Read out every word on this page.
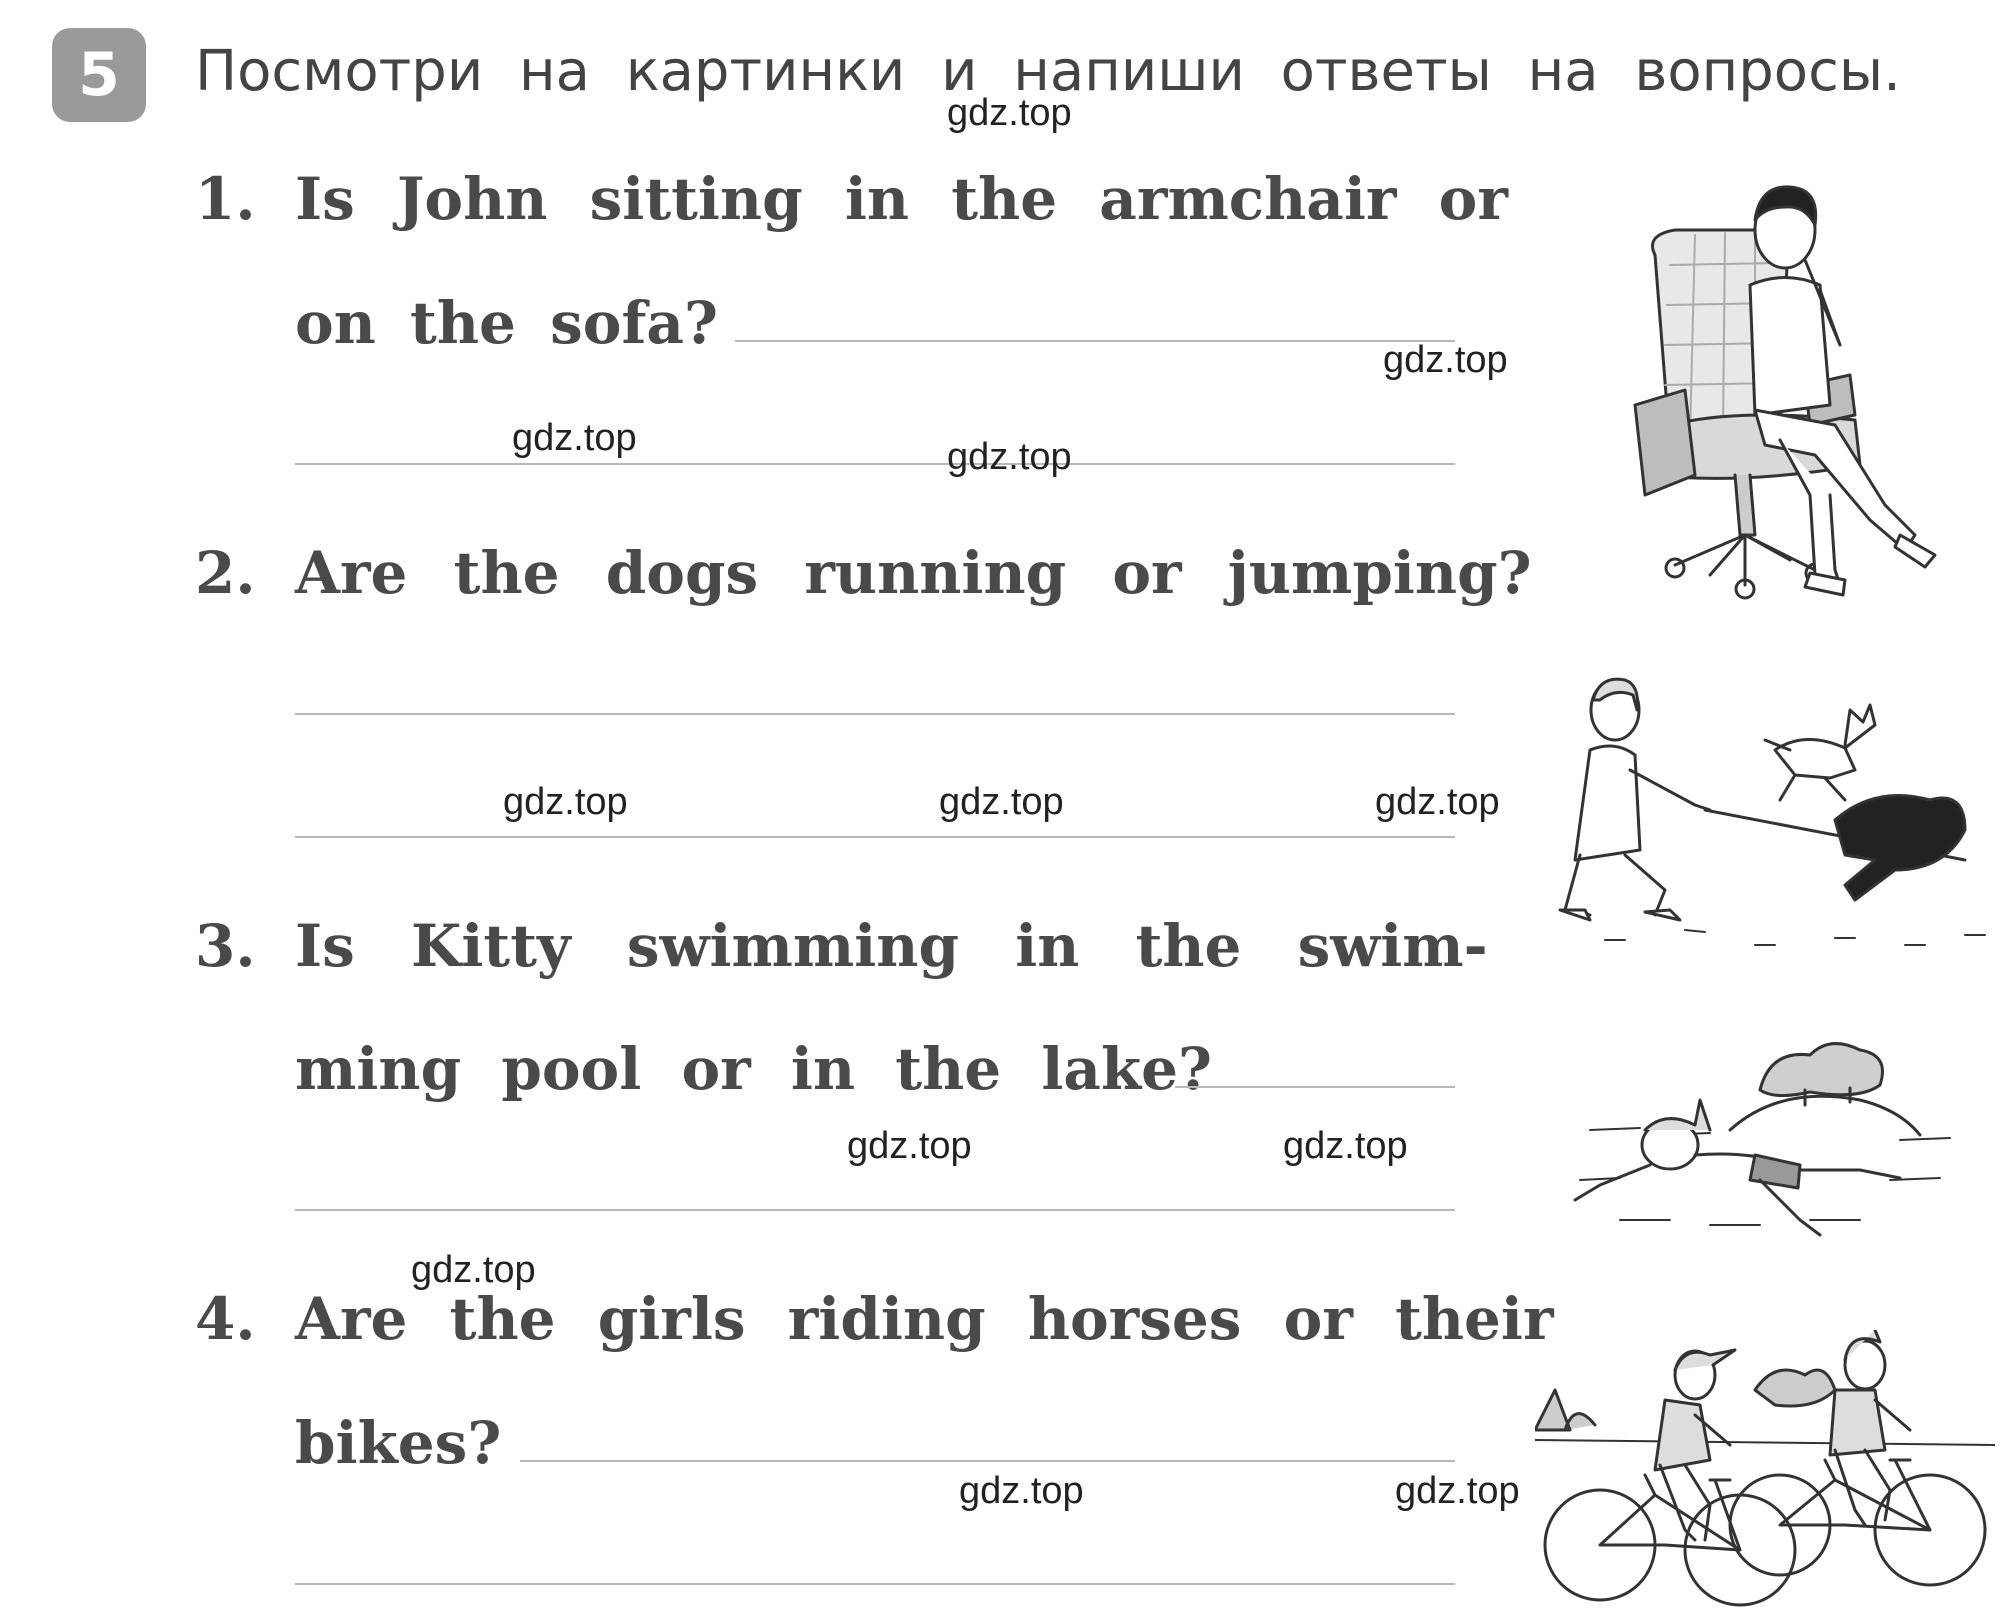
5 Посмотри на картинки и напиши ответы на вопросы.
1. Is John sitting in the armchair or
on the sofa?
2. Are the dogs running or jumping?
3. Is Kitty swimming in the swim-
ming pool or in the lake?
4. Are the girls riding horses or their
bikes?
gdz.top
gdz.top
gdz.top	gdz.top
gdz.top	gdz.top	gdz.top
gdz.top	gdz.top
gdz.top
gdz.top	gdz.top
